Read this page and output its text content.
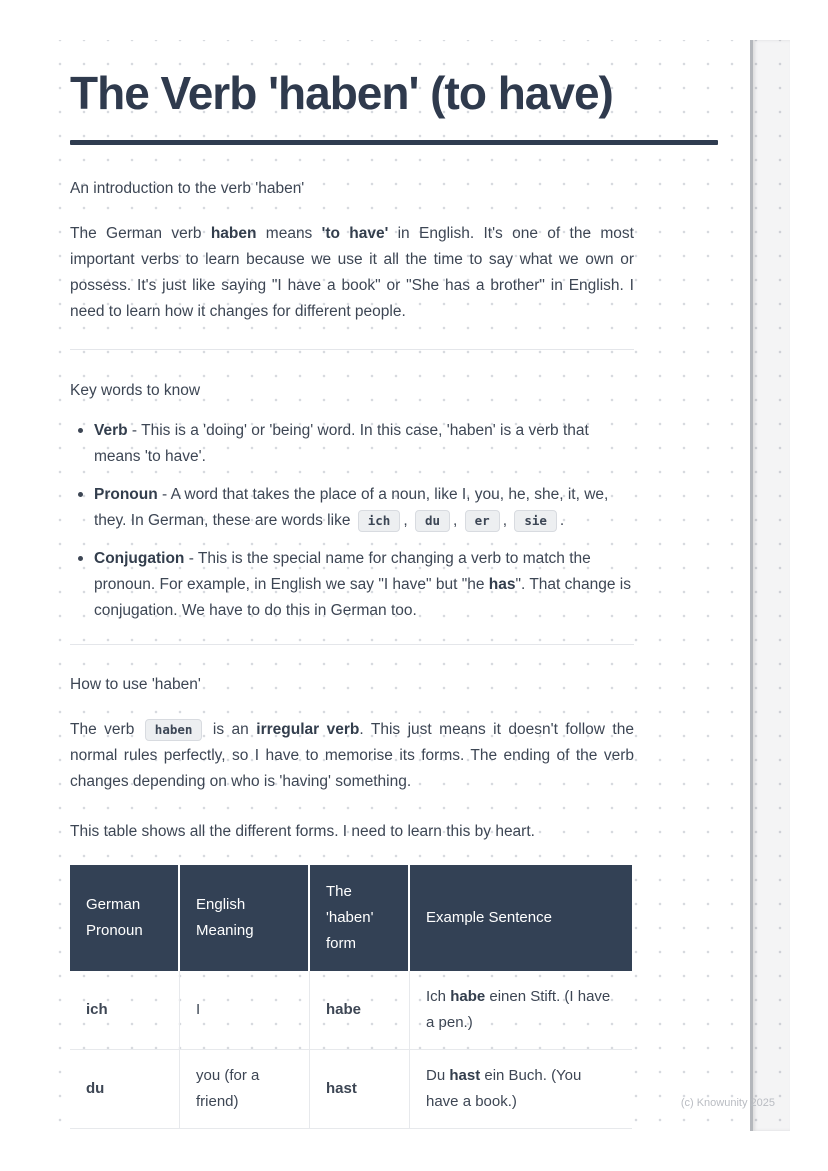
The Verb 'haben' (to have)

An introduction to the verb 'haben'

The German verb haben means 'to have' in English. It's one of the most important verbs to learn because we use it all the time to say what we own or possess. It's just like saying "I have a book" or "She has a brother" in English. I need to learn how it changes for different people.

Key words to know

Verb - This is a 'doing' or 'being' word. In this case, 'haben' is a verb that means 'to have'.
Pronoun - A word that takes the place of a noun, like I, you, he, she, it, we, they. In German, these are words like ich , du , er , sie .
Conjugation - This is the special name for changing a verb to match the pronoun. For example, in English we say "I have" but "he has". That change is conjugation. We have to do this in German too.

How to use 'haben'

The verb haben is an irregular verb. This just means it doesn't follow the normal rules perfectly, so I have to memorise its forms. The ending of the verb changes depending on who is 'having' something.

This table shows all the different forms. I need to learn this by heart.

German Pronoun	English Meaning	The 'haben' form	Example Sentence
ich	I	habe	Ich habe einen Stift. (I have a pen.)
du	you (for a friend)	hast	Du hast ein Buch. (You have a book.)	(c) Knowunity 2025
